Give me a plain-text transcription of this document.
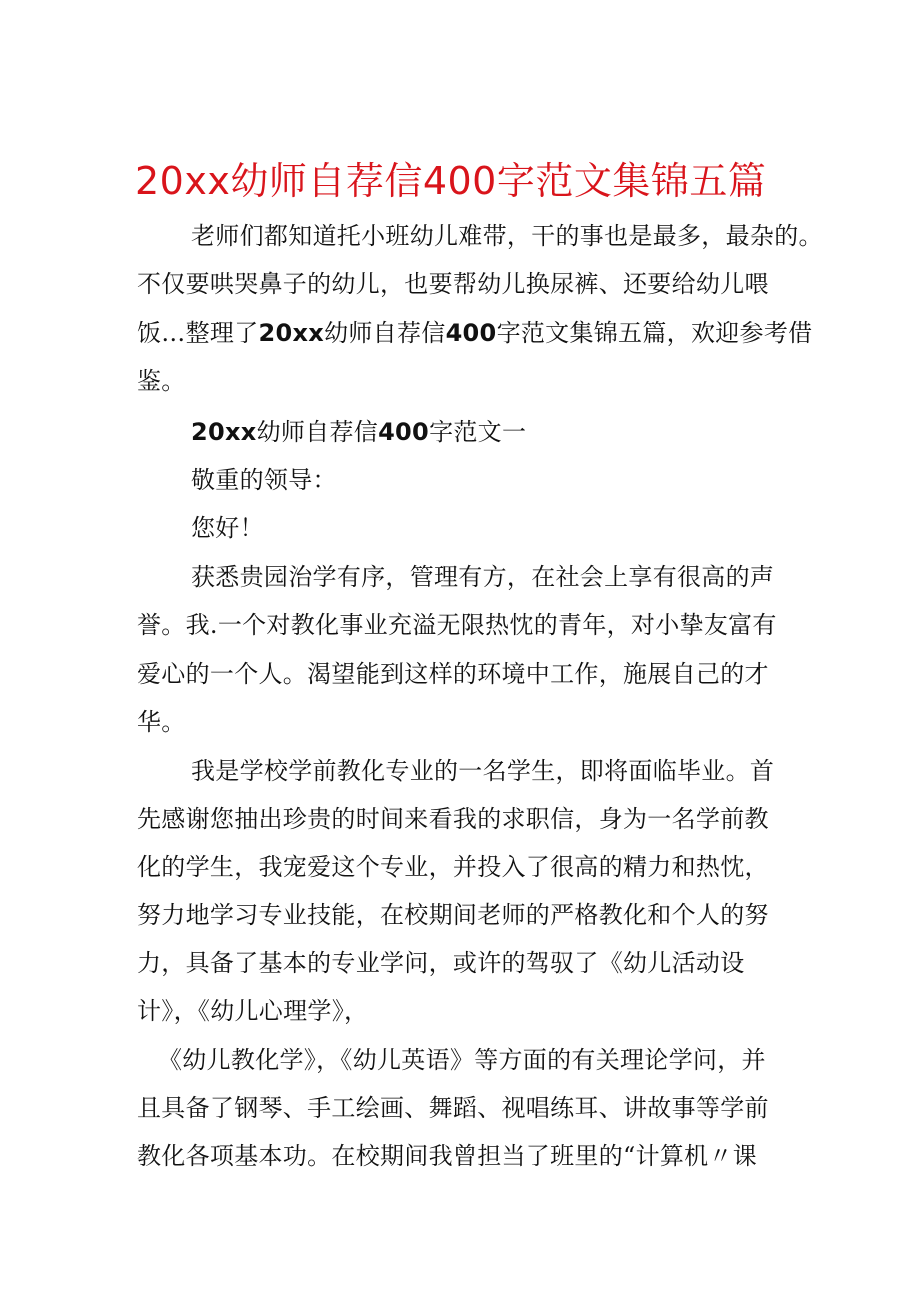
20xx幼师自荐信400字范文集锦五篇
老师们都知道托小班幼儿难带，干的事也是最多，最杂的。
不仅要哄哭鼻子的幼儿，也要帮幼儿换尿裤、还要给幼儿喂
饭…整理了20xx幼师自荐信400字范文集锦五篇，欢迎参考借
鉴。
20xx幼师自荐信400字范文一
敬重的领导：
您好！
获悉贵园治学有序，管理有方，在社会上享有很高的声
誉。我.一个对教化事业充溢无限热忱的青年，对小挚友富有
爱心的一个人。渴望能到这样的环境中工作，施展自己的才
华。
我是学校学前教化专业的一名学生，即将面临毕业。首
先感谢您抽出珍贵的时间来看我的求职信，身为一名学前教
化的学生，我宠爱这个专业，并投入了很高的精力和热忱，
努力地学习专业技能，在校期间老师的严格教化和个人的努
力，具备了基本的专业学问，或许的驾驭了《幼儿活动设
计》，《幼儿心理学》，
《幼儿教化学》，《幼儿英语》等方面的有关理论学问，并
且具备了钢琴、手工绘画、舞蹈、视唱练耳、讲故事等学前
教化各项基本功。在校期间我曾担当了班里的“计算机〃课
